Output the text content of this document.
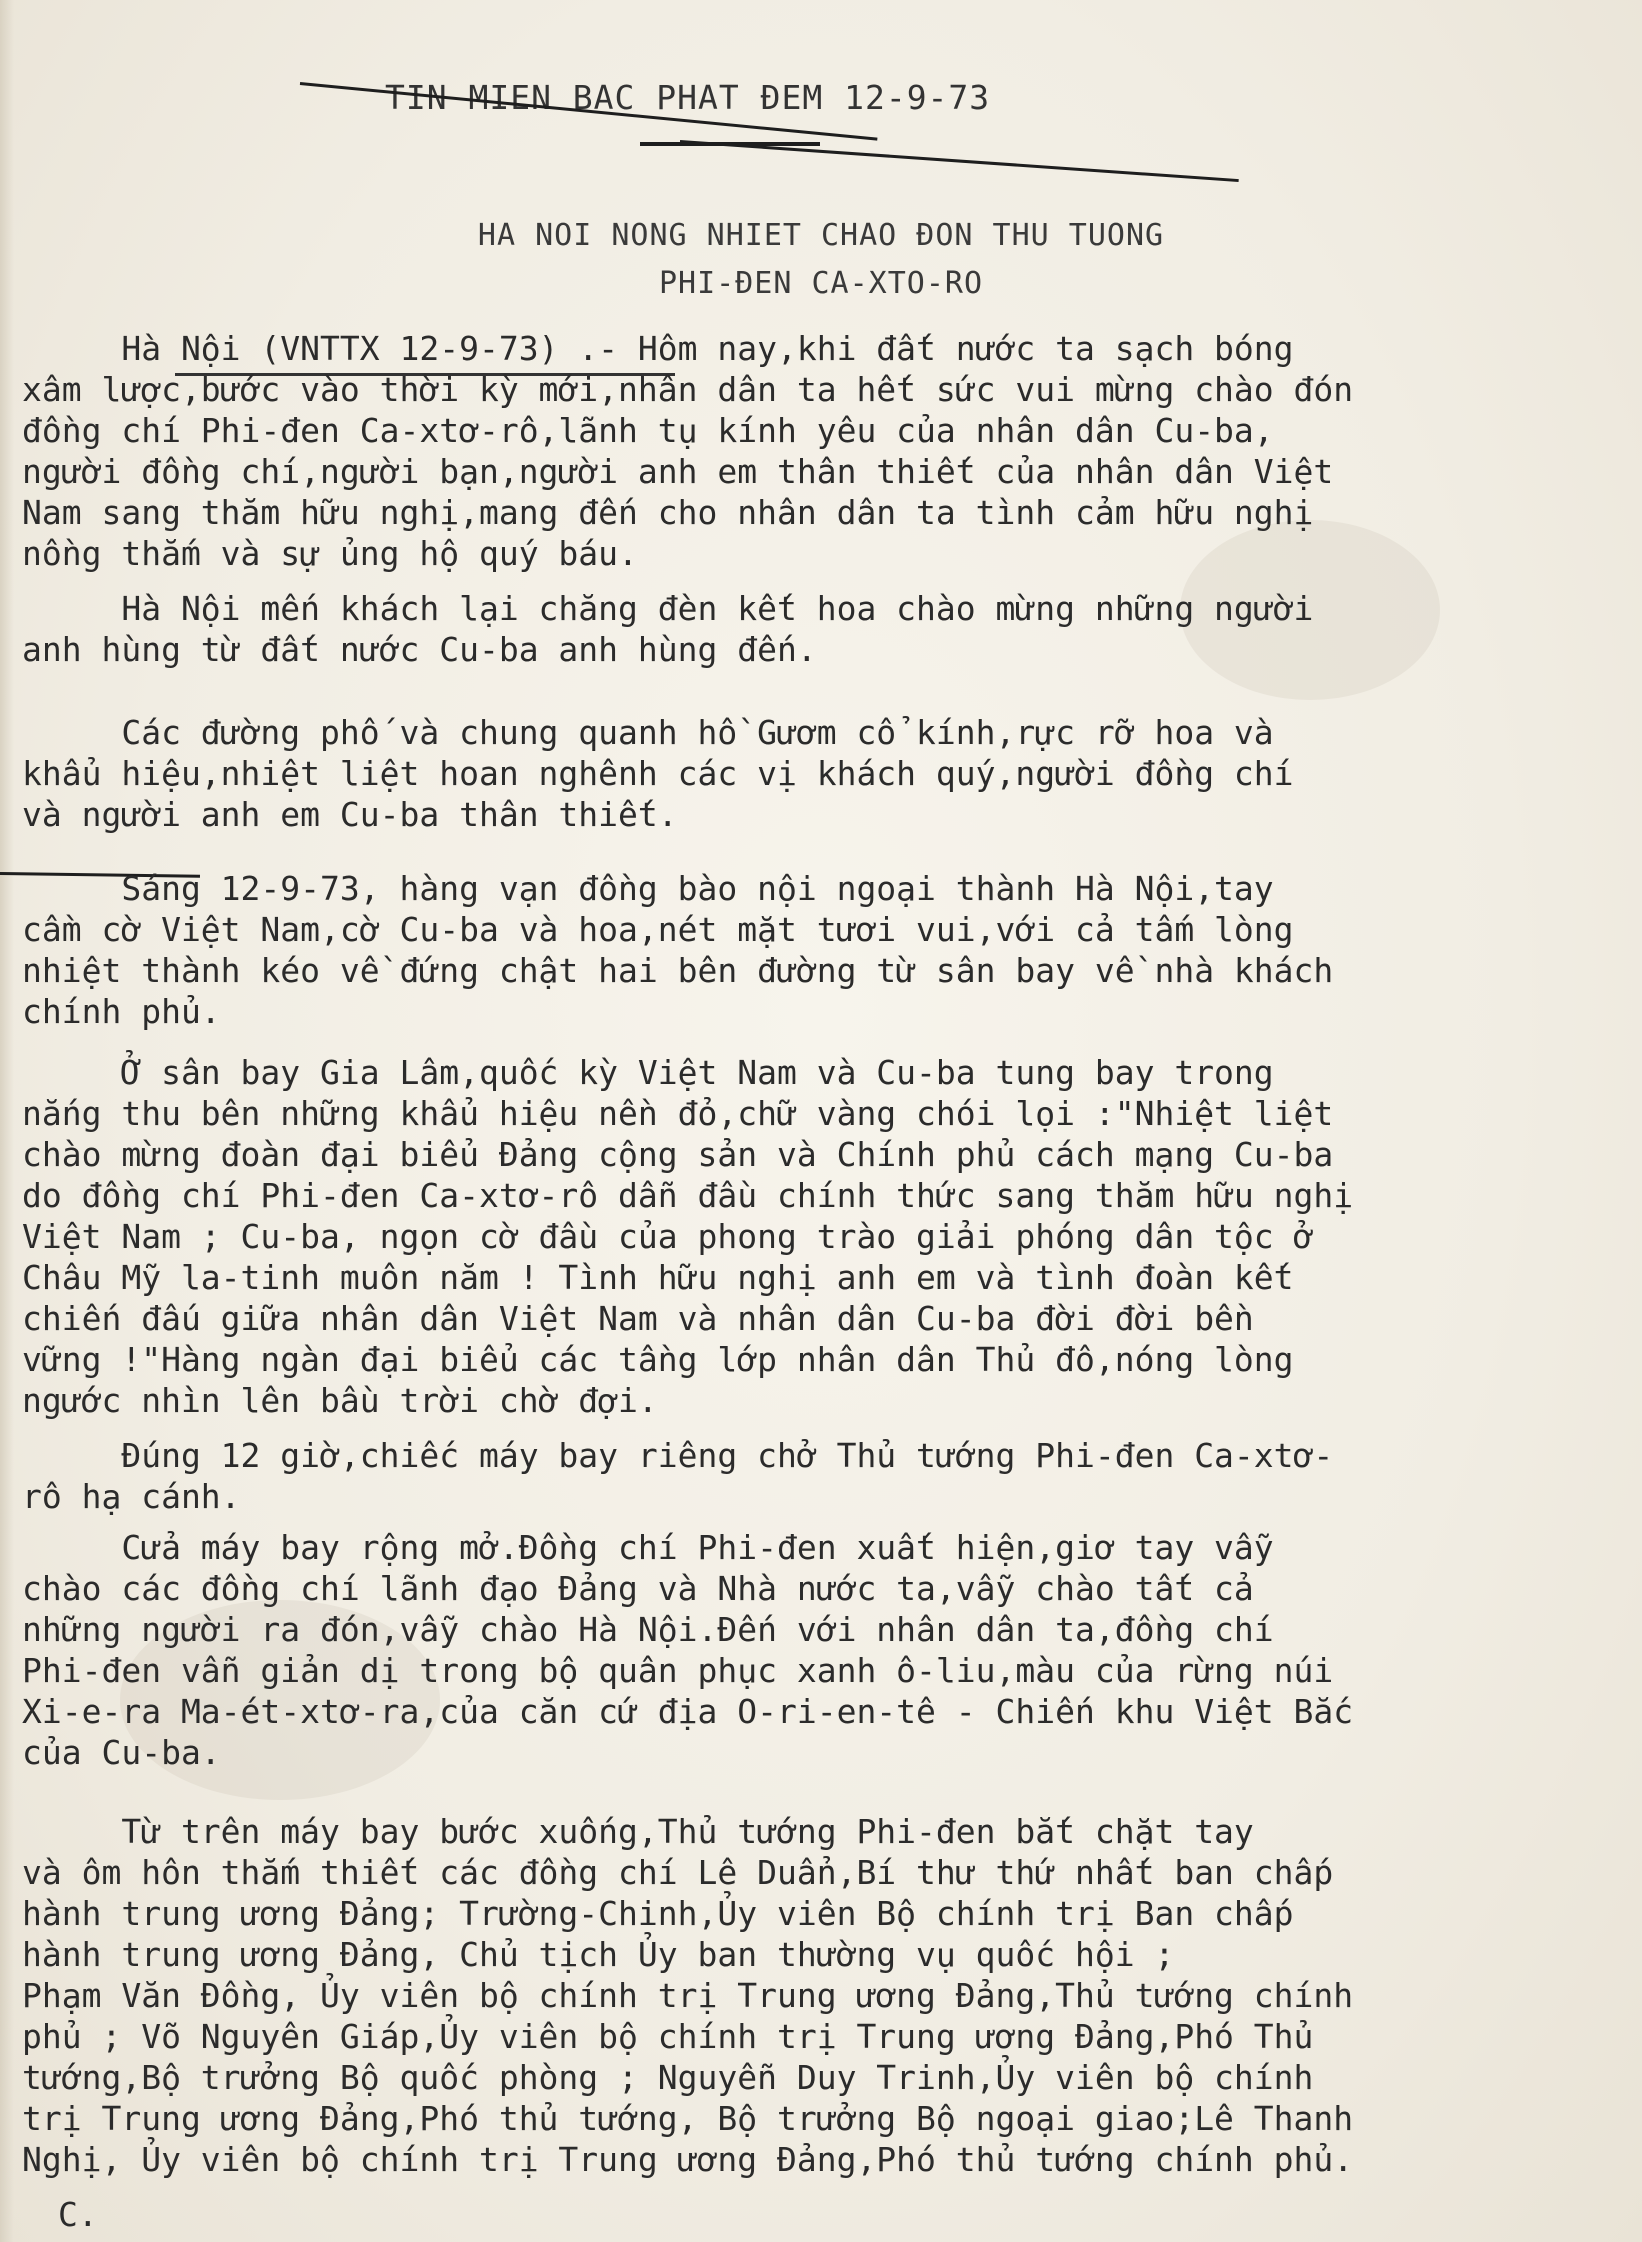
TIN MIEN BAC PHAT ĐEM 12-9-73
HA NOI NONG NHIET CHAO ĐON THU TUONG
PHI-ĐEN CA-XTO-RO
Hà Nội (VNTTX 12-9-73) .- Hôm nay,khi đất nước ta sạch bóng
xâm lược,bước vào thời kỳ mới,nhân dân ta hết sức vui mừng chào đón
đồng chí Phi-đen Ca-xtơ-rô,lãnh tụ kính yêu của nhân dân Cu-ba,
người đồng chí,người bạn,người anh em thân thiết của nhân dân Việt
Nam sang thăm hữu nghị,mang đến cho nhân dân ta tình cảm hữu nghị
nồng thắm và sự ủng hộ quý báu.
Hà Nội mến khách lại chăng đèn kết hoa chào mừng những người
anh hùng từ đất nước Cu-ba anh hùng đến.
Các đường phố và chung quanh hồ Gươm cổ kính,rực rỡ hoa và
khẩu hiệu,nhiệt liệt hoan nghênh các vị khách quý,người đồng chí
và người anh em Cu-ba thân thiết.
Sáng 12-9-73, hàng vạn đồng bào nội ngoại thành Hà Nội,tay
cầm cờ Việt Nam,cờ Cu-ba và hoa,nét mặt tươi vui,với cả tấm lòng
nhiệt thành kéo về đứng chật hai bên đường từ sân bay về nhà khách
chính phủ.
Ở sân bay Gia Lâm,quốc kỳ Việt Nam và Cu-ba tung bay trong
nắng thu bên những khẩu hiệu nền đỏ,chữ vàng chói lọi :"Nhiệt liệt
chào mừng đoàn đại biểu Đảng cộng sản và Chính phủ cách mạng Cu-ba
do đồng chí Phi-đen Ca-xtơ-rô dẫn đầu chính thức sang thăm hữu nghị
Việt Nam ; Cu-ba, ngọn cờ đầu của phong trào giải phóng dân tộc ở
Châu Mỹ la-tinh muôn năm ! Tình hữu nghị anh em và tình đoàn kết
chiến đấu giữa nhân dân Việt Nam và nhân dân Cu-ba đời đời bền
vững !"Hàng ngàn đại biểu các tầng lớp nhân dân Thủ đô,nóng lòng
ngước nhìn lên bầu trời chờ đợi.
Đúng 12 giờ,chiếc máy bay riêng chở Thủ tướng Phi-đen Ca-xtơ-
rô hạ cánh.
Cửa máy bay rộng mở.Đồng chí Phi-đen xuất hiện,giơ tay vẫy
chào các đồng chí lãnh đạo Đảng và Nhà nước ta,vẫy chào tất cả
những người ra đón,vẫy chào Hà Nội.Đến với nhân dân ta,đồng chí
Phi-đen vẫn giản dị trong bộ quân phục xanh ô-liu,màu của rừng núi
Xi-e-ra Ma-ét-xtơ-ra,của căn cứ địa O-ri-en-tê - Chiến khu Việt Bắc
của Cu-ba.
Từ trên máy bay bước xuống,Thủ tướng Phi-đen bắt chặt tay
và ôm hôn thắm thiết các đồng chí Lê Duẩn,Bí thư thứ nhất ban chấp
hành trung ương Đảng; Trường-Chinh,Ủy viên Bộ chính trị Ban chấp
hành trung ương Đảng, Chủ tịch Ủy ban thường vụ quốc hội ;
Phạm Văn Đồng, Ủy viên bộ chính trị Trung ương Đảng,Thủ tướng chính
phủ ; Võ Nguyên Giáp,Ủy viên bộ chính trị Trung ương Đảng,Phó Thủ
tướng,Bộ trưởng Bộ quốc phòng ; Nguyễn Duy Trinh,Ủy viên bộ chính
trị Trung ương Đảng,Phó thủ tướng, Bộ trưởng Bộ ngoại giao;Lê Thanh
Nghị, Ủy viên bộ chính trị Trung ương Đảng,Phó thủ tướng chính phủ.
C.
